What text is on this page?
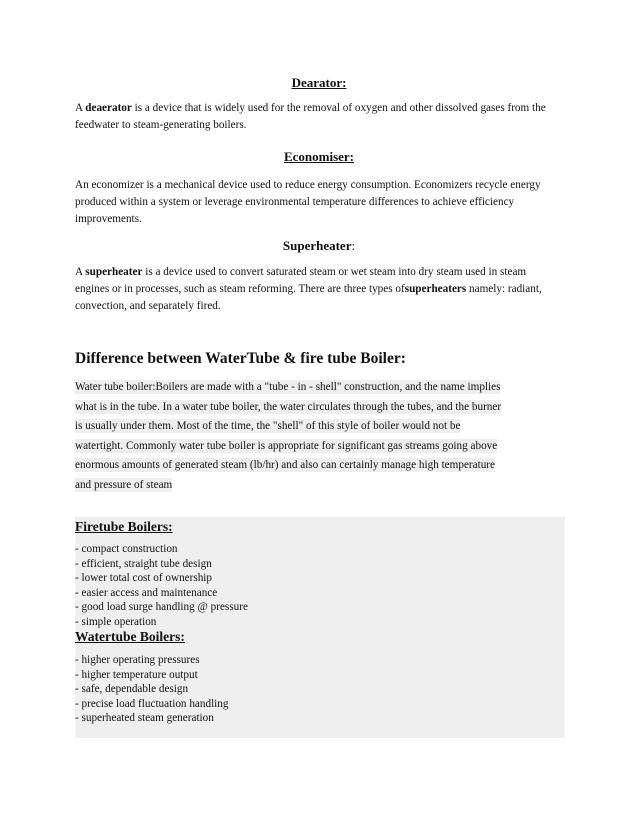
Dearator:
A deaerator is a device that is widely used for the removal of oxygen and other dissolved gases from the feedwater to steam-generating boilers.
Economiser:
An economizer is a mechanical device used to reduce energy consumption. Economizers recycle energy produced within a system or leverage environmental temperature differences to achieve efficiency improvements.
Superheater:
A superheater is a device used to convert saturated steam or wet steam into dry steam used in steam engines or in processes, such as steam reforming. There are three types ofsuperheaters namely: radiant, convection, and separately fired.
Difference between WaterTube & fire tube Boiler:
Water tube boiler:Boilers are made with a "tube - in - shell" construction, and the name implies
what is in the tube. In a water tube boiler, the water circulates through the tubes, and the burner
is usually under them. Most of the time, the "shell" of this style of boiler would not be
watertight. Commonly water tube boiler is appropriate for significant gas streams going above
enormous amounts of generated steam (lb/hr) and also can certainly manage high temperature
and pressure of steam
Firetube Boilers:
- compact construction
- efficient, straight tube design
- lower total cost of ownership
- easier access and maintenance
- good load surge handling @ pressure
- simple operation
Watertube Boilers:
- higher operating pressures
- higher temperature output
- safe, dependable design
- precise load fluctuation handling
- superheated steam generation
